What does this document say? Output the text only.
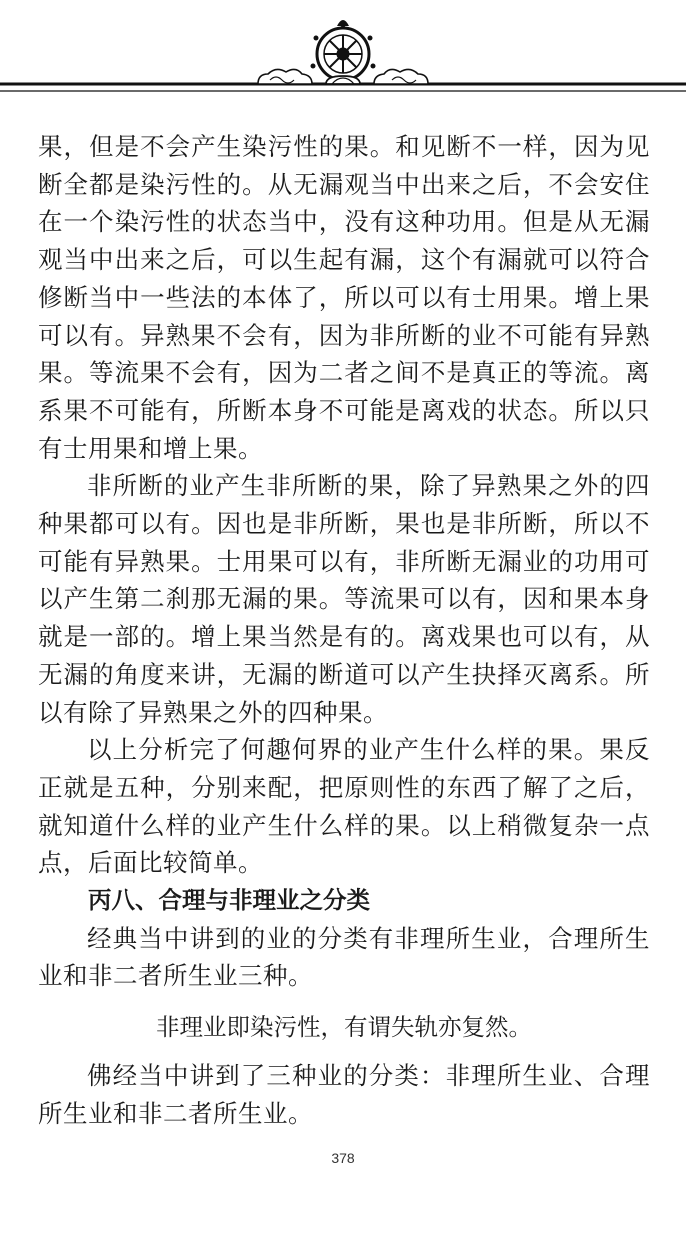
果，但是不会产生染污性的果。和见断不一样，因为见断全都是染污性的。从无漏观当中出来之后，不会安住在一个染污性的状态当中，没有这种功用。但是从无漏观当中出来之后，可以生起有漏，这个有漏就可以符合修断当中一些法的本体了，所以可以有士用果。增上果可以有。异熟果不会有，因为非所断的业不可能有异熟果。等流果不会有，因为二者之间不是真正的等流。离系果不可能有，所断本身不可能是离戏的状态。所以只有士用果和增上果。

非所断的业产生非所断的果，除了异熟果之外的四种果都可以有。因也是非所断，果也是非所断，所以不可能有异熟果。士用果可以有，非所断无漏业的功用可以产生第二刹那无漏的果。等流果可以有，因和果本身就是一部的。增上果当然是有的。离戏果也可以有，从无漏的角度来讲，无漏的断道可以产生抉择灭离系。所以有除了异熟果之外的四种果。

以上分析完了何趣何界的业产生什么样的果。果反正就是五种，分别来配，把原则性的东西了解了之后，就知道什么样的业产生什么样的果。以上稍微复杂一点点，后面比较简单。

丙八、合理与非理业之分类

经典当中讲到的业的分类有非理所生业，合理所生业和非二者所生业三种。

非理业即染污性，有谓失轨亦复然。

佛经当中讲到了三种业的分类：非理所生业、合理所生业和非二者所生业。

378
